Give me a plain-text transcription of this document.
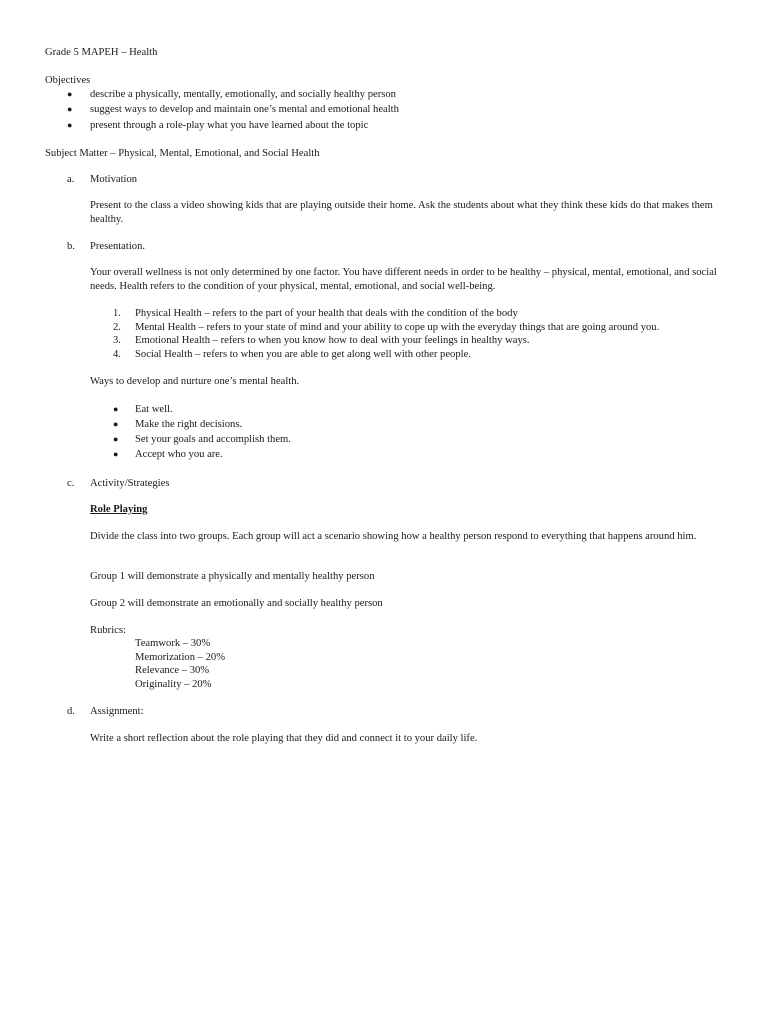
Grade 5 MAPEH – Health

Objectives

● describe a physically, mentally, emotionally, and socially healthy person

● suggest ways to develop and maintain one’s mental and emotional health

● present through a role-play what you have learned about the topic

Subject Matter – Physical, Mental, Emotional, and Social Health

a. Motivation

Present to the class a video showing kids that are playing outside their home. Ask the students about what they think these kids do that makes them healthy.

b. Presentation.

Your overall wellness is not only determined by one factor. You have different needs in order to be healthy – physical, mental, emotional, and social needs. Health refers to the condition of your physical, mental, emotional, and social well-being.

1. Physical Health – refers to the part of your health that deals with the condition of the body

2. Mental Health – refers to your state of mind and your ability to cope up with the everyday things that are going around you.

3. Emotional Health – refers to when you know how to deal with your feelings in healthy ways.

4. Social Health – refers to when you are able to get along well with other people.

Ways to develop and nurture one’s mental health.

● Eat well.

● Make the right decisions.

● Set your goals and accomplish them.

● Accept who you are.

c. Activity/Strategies

Role Playing

Divide the class into two groups. Each group will act a scenario showing how a healthy person respond to everything that happens around him.

Group 1 will demonstrate a physically and mentally healthy person

Group 2 will demonstrate an emotionally and socially healthy person

Rubrics:

Teamwork – 30%

Memorization – 20%

Relevance – 30%

Originality – 20%

d. Assignment:

Write a short reflection about the role playing that they did and connect it to your daily life.
